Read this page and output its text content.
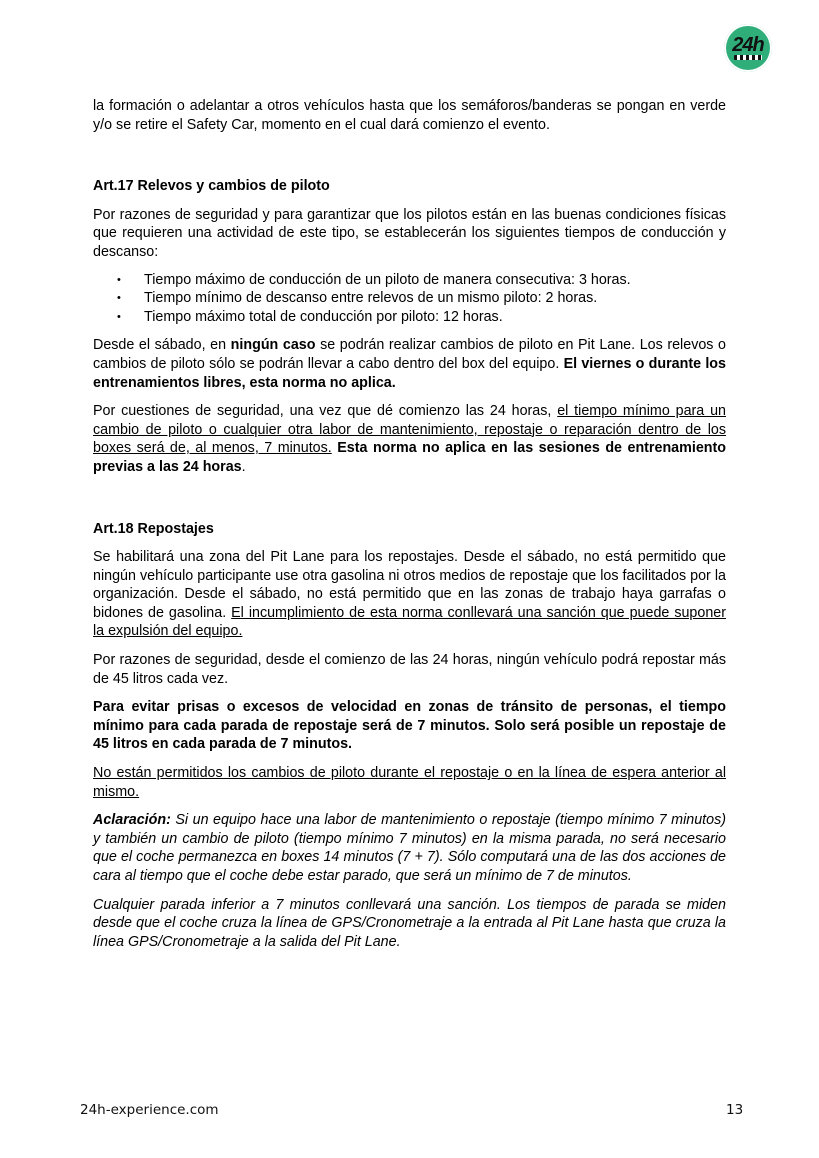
24h

la formación o adelantar a otros vehículos hasta que los semáforos/banderas se pongan en verde y/o se retire el Safety Car, momento en el cual dará comienzo el evento.

Art.17 Relevos y cambios de piloto

Por razones de seguridad y para garantizar que los pilotos están en las buenas condiciones físicas que requieren una actividad de este tipo, se establecerán los siguientes tiempos de conducción y descanso:

• Tiempo máximo de conducción de un piloto de manera consecutiva: 3 horas.
• Tiempo mínimo de descanso entre relevos de un mismo piloto: 2 horas.
• Tiempo máximo total de conducción por piloto: 12 horas.

Desde el sábado, en ningún caso se podrán realizar cambios de piloto en Pit Lane. Los relevos o cambios de piloto sólo se podrán llevar a cabo dentro del box del equipo. El viernes o durante los entrenamientos libres, esta norma no aplica.

Por cuestiones de seguridad, una vez que dé comienzo las 24 horas, el tiempo mínimo para un cambio de piloto o cualquier otra labor de mantenimiento, repostaje o reparación dentro de los boxes será de, al menos, 7 minutos. Esta norma no aplica en las sesiones de entrenamiento previas a las 24 horas.

Art.18 Repostajes

Se habilitará una zona del Pit Lane para los repostajes. Desde el sábado, no está permitido que ningún vehículo participante use otra gasolina ni otros medios de repostaje que los facilitados por la organización. Desde el sábado, no está permitido que en las zonas de trabajo haya garrafas o bidones de gasolina. El incumplimiento de esta norma conllevará una sanción que puede suponer la expulsión del equipo.

Por razones de seguridad, desde el comienzo de las 24 horas, ningún vehículo podrá repostar más de 45 litros cada vez.

Para evitar prisas o excesos de velocidad en zonas de tránsito de personas, el tiempo mínimo para cada parada de repostaje será de 7 minutos. Solo será posible un repostaje de 45 litros en cada parada de 7 minutos.

No están permitidos los cambios de piloto durante el repostaje o en la línea de espera anterior al mismo.

Aclaración: Si un equipo hace una labor de mantenimiento o repostaje (tiempo mínimo 7 minutos) y también un cambio de piloto (tiempo mínimo 7 minutos) en la misma parada, no será necesario que el coche permanezca en boxes 14 minutos (7 + 7). Sólo computará una de las dos acciones de cara al tiempo que el coche debe estar parado, que será un mínimo de 7 de minutos.

Cualquier parada inferior a 7 minutos conllevará una sanción. Los tiempos de parada se miden desde que el coche cruza la línea de GPS/Cronometraje a la entrada al Pit Lane hasta que cruza la línea GPS/Cronometraje a la salida del Pit Lane.

24h-experience.com	13
